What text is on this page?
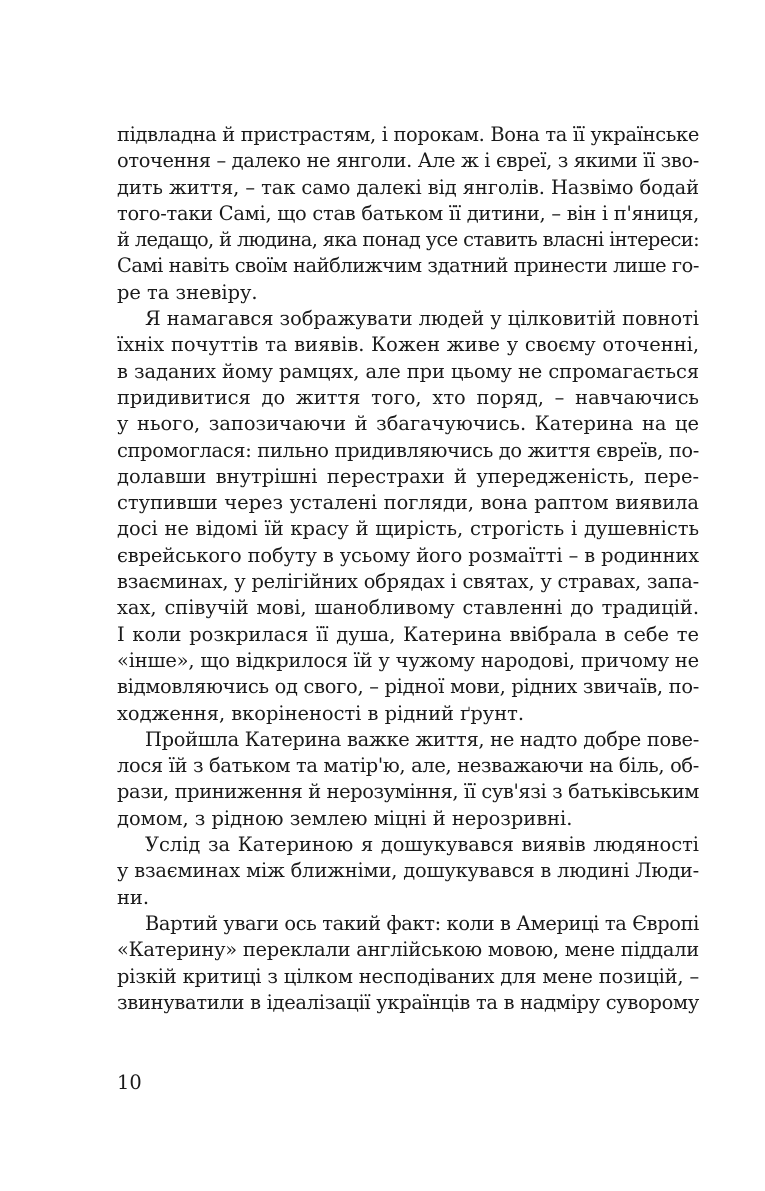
підвладна й пристрастям, і порокам. Вона та її українське
оточення – далеко не янголи. Але ж і євреї, з якими її зво-
дить життя, – так само далекі від янголів. Назвімо бодай
того-таки Самі, що став батьком її дитини, – він і п'яниця,
й ледащо, й людина, яка понад усе ставить власні інтереси:
Самі навіть своїм найближчим здатний принести лише го-
ре та зневіру.

Я намагався зображувати людей у цілковитій повноті
їхніх почуттів та виявів. Кожен живе у своєму оточенні,
в заданих йому рамцях, але при цьому не спромагається
придивитися до життя того, хто поряд, – навчаючись
у нього, запозичаючи й збагачуючись. Катерина на це
спромоглася: пильно придивляючись до життя євреїв, по-
долавши внутрішні перестрахи й упередженість, пере-
ступивши через усталені погляди, вона раптом виявила
досі не відомі їй красу й щирість, строгість і душевність
єврейського побуту в усьому його розмаїтті – в родинних
взаєминах, у релігійних обрядах і святах, у стравах, запа-
хах, співучій мові, шанобливому ставленні до традицій.
І коли розкрилася її душа, Катерина ввібрала в себе те
«інше», що відкрилося їй у чужому народові, причому не
відмовляючись од свого, – рідної мови, рідних звичаїв, по-
ходження, вкоріненості в рідний ґрунт.

Пройшла Катерина важке життя, не надто добре пове-
лося їй з батьком та матір'ю, але, незважаючи на біль, об-
рази, приниження й нерозуміння, її сув'язі з батьківським
домом, з рідною землею міцні й нерозривні.

Услід за Катериною я дошукувався виявів людяності
у взаєминах між ближніми, дошукувався в людині Люди-
ни.

Вартий уваги ось такий факт: коли в Америці та Європі
«Катерину» переклали англійською мовою, мене піддали
різкій критиці з цілком несподіваних для мене позицій, –
звинуватили в ідеалізації українців та в надміру суворому

10
